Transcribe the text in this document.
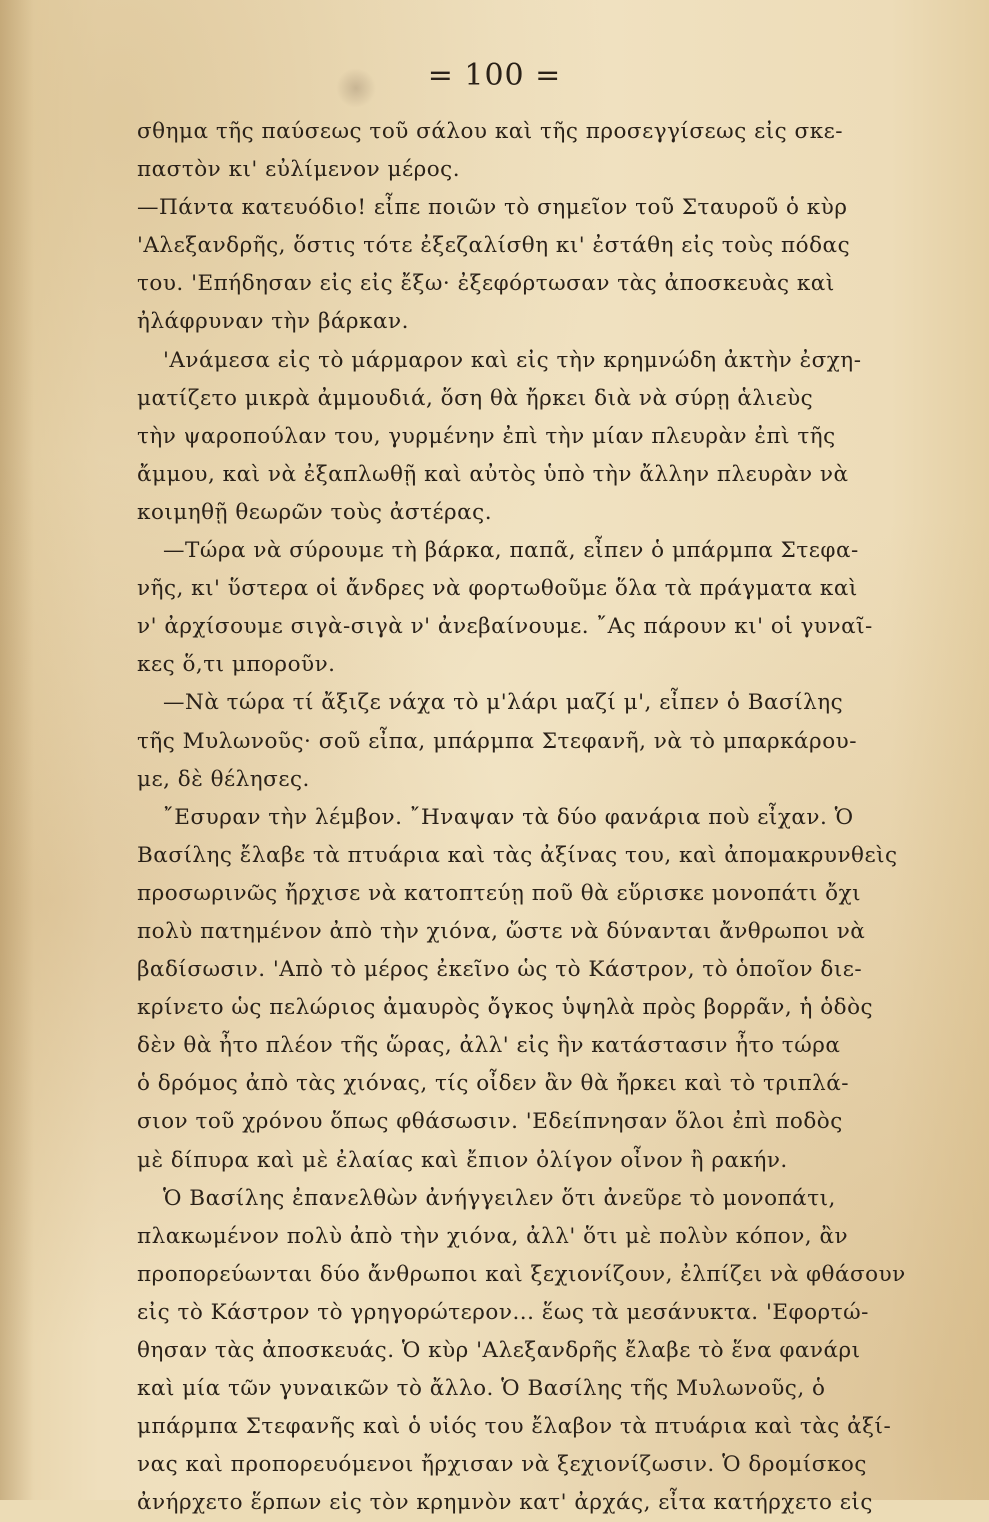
= 100 =
σθημα τῆς παύσεως τοῦ σάλου καὶ τῆς προσεγγίσεως εἰς σκε-
παστὸν κι' εὐλίμενον μέρος.
—Πάντα κατευόδιο! εἶπε ποιῶν τὸ σημεῖον τοῦ Σταυροῦ ὁ κὺρ
'Αλεξανδρῆς, ὅστις τότε ἐξεζαλίσθη κι' ἐστάθη εἰς τοὺς πόδας
του. 'Επήδησαν εἰς εἰς ἔξω· ἐξεφόρτωσαν τὰς ἀποσκευὰς καὶ
ἠλάφρυναν τὴν βάρκαν.
'Ανάμεσα εἰς τὸ μάρμαρον καὶ εἰς τὴν κρημνώδη ἀκτὴν ἐσχη-
ματίζετο μικρὰ ἀμμουδιά, ὅση θὰ ἤρκει διὰ νὰ σύρῃ ἁλιεὺς
τὴν ψαροπούλαν του, γυρμένην ἐπὶ τὴν μίαν πλευρὰν ἐπὶ τῆς
ἄμμου, καὶ νὰ ἐξαπλωθῇ καὶ αὐτὸς ὑπὸ τὴν ἄλλην πλευρὰν νὰ
κοιμηθῇ θεωρῶν τοὺς ἀστέρας.
—Τώρα νὰ σύρουμε τὴ βάρκα, παπᾶ, εἶπεν ὁ μπάρμπα Στεφα-
νῆς, κι' ὕστερα οἱ ἄνδρες νὰ φορτωθοῦμε ὅλα τὰ πράγματα καὶ
ν' ἀρχίσουμε σιγὰ-σιγὰ ν' ἀνεβαίνουμε. ῎Ας πάρουν κι' οἱ γυναῖ-
κες ὅ,τι μποροῦν.
—Νὰ τώρα τί ἄξιζε νάχα τὸ μ'λάρι μαζί μ', εἶπεν ὁ Βασίλης
τῆς Μυλωνοῦς· σοῦ εἶπα, μπάρμπα Στεφανῆ, νὰ τὸ μπαρκάρου-
με, δὲ θέλησες.
῎Εσυραν τὴν λέμβον. ῎Ηναψαν τὰ δύο φανάρια ποὺ εἶχαν. Ὁ
Βασίλης ἔλαβε τὰ πτυάρια καὶ τὰς ἀξίνας του, καὶ ἀπομακρυνθεὶς
προσωρινῶς ἤρχισε νὰ κατοπτεύῃ ποῦ θὰ εὕρισκε μονοπάτι ὄχι
πολὺ πατημένον ἀπὸ τὴν χιόνα, ὥστε νὰ δύνανται ἄνθρωποι νὰ
βαδίσωσιν. 'Απὸ τὸ μέρος ἐκεῖνο ὡς τὸ Κάστρον, τὸ ὁποῖον διε-
κρίνετο ὡς πελώριος ἀμαυρὸς ὄγκος ὑψηλὰ πρὸς βορρᾶν, ἡ ὁδὸς
δὲν θὰ ἦτο πλέον τῆς ὥρας, ἀλλ' εἰς ἣν κατάστασιν ἦτο τώρα
ὁ δρόμος ἀπὸ τὰς χιόνας, τίς οἶδεν ἂν θὰ ἤρκει καὶ τὸ τριπλά-
σιον τοῦ χρόνου ὅπως φθάσωσιν. 'Εδείπνησαν ὅλοι ἐπὶ ποδὸς
μὲ δίπυρα καὶ μὲ ἐλαίας καὶ ἔπιον ὀλίγον οἶνον ἢ ρακήν.
Ὁ Βασίλης ἐπανελθὼν ἀνήγγειλεν ὅτι ἀνεῦρε τὸ μονοπάτι,
πλακωμένον πολὺ ἀπὸ τὴν χιόνα, ἀλλ' ὅτι μὲ πολὺν κόπον, ἂν
προπορεύωνται δύο ἄνθρωποι καὶ ξεχιονίζουν, ἐλπίζει νὰ φθάσουν
εἰς τὸ Κάστρον τὸ γρηγορώτερον... ἕως τὰ μεσάνυκτα. 'Εφορτώ-
θησαν τὰς ἀποσκευάς. Ὁ κὺρ 'Αλεξανδρῆς ἔλαβε τὸ ἕνα φανάρι
καὶ μία τῶν γυναικῶν τὸ ἄλλο. Ὁ Βασίλης τῆς Μυλωνοῦς, ὁ
μπάρμπα Στεφανῆς καὶ ὁ υἱός του ἔλαβον τὰ πτυάρια καὶ τὰς ἀξί-
νας καὶ προπορευόμενοι ἤρχισαν νὰ ξεχιονίζωσιν. Ὁ δρομίσκος
ἀνήρχετο ἕρπων εἰς τὸν κρημνὸν κατ' ἀρχάς, εἶτα κατήρχετο εἰς
